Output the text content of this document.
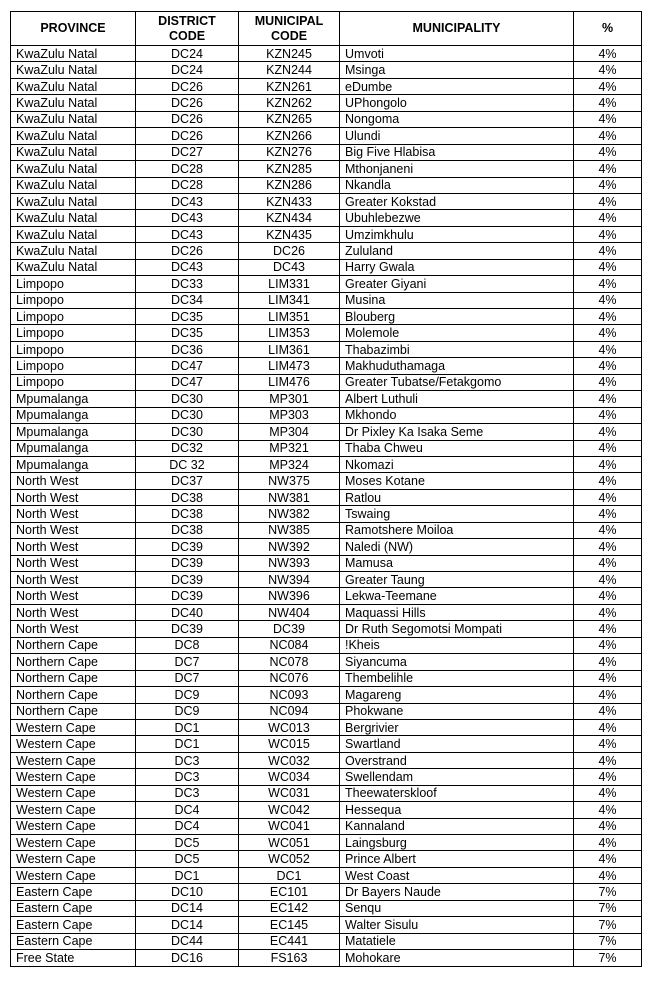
PROVINCE	DISTRICT CODE	MUNICIPAL CODE	MUNICIPALITY	%
KwaZulu Natal	DC24	KZN245	Umvoti	4%
KwaZulu Natal	DC24	KZN244	Msinga	4%
KwaZulu Natal	DC26	KZN261	eDumbe	4%
KwaZulu Natal	DC26	KZN262	UPhongolo	4%
KwaZulu Natal	DC26	KZN265	Nongoma	4%
KwaZulu Natal	DC26	KZN266	Ulundi	4%
KwaZulu Natal	DC27	KZN276	Big Five Hlabisa	4%
KwaZulu Natal	DC28	KZN285	Mthonjaneni	4%
KwaZulu Natal	DC28	KZN286	Nkandla	4%
KwaZulu Natal	DC43	KZN433	Greater Kokstad	4%
KwaZulu Natal	DC43	KZN434	Ubuhlebezwe	4%
KwaZulu Natal	DC43	KZN435	Umzimkhulu	4%
KwaZulu Natal	DC26	DC26	Zululand	4%
KwaZulu Natal	DC43	DC43	Harry Gwala	4%
Limpopo	DC33	LIM331	Greater Giyani	4%
Limpopo	DC34	LIM341	Musina	4%
Limpopo	DC35	LIM351	Blouberg	4%
Limpopo	DC35	LIM353	Molemole	4%
Limpopo	DC36	LIM361	Thabazimbi	4%
Limpopo	DC47	LIM473	Makhuduthamaga	4%
Limpopo	DC47	LIM476	Greater Tubatse/Fetakgomo	4%
Mpumalanga	DC30	MP301	Albert Luthuli	4%
Mpumalanga	DC30	MP303	Mkhondo	4%
Mpumalanga	DC30	MP304	Dr Pixley Ka Isaka Seme	4%
Mpumalanga	DC32	MP321	Thaba Chweu	4%
Mpumalanga	DC 32	MP324	Nkomazi	4%
North West	DC37	NW375	Moses Kotane	4%
North West	DC38	NW381	Ratlou	4%
North West	DC38	NW382	Tswaing	4%
North West	DC38	NW385	Ramotshere Moiloa	4%
North West	DC39	NW392	Naledi (NW)	4%
North West	DC39	NW393	Mamusa	4%
North West	DC39	NW394	Greater Taung	4%
North West	DC39	NW396	Lekwa-Teemane	4%
North West	DC40	NW404	Maquassi Hills	4%
North West	DC39	DC39	Dr Ruth Segomotsi Mompati	4%
Northern Cape	DC8	NC084	!Kheis	4%
Northern Cape	DC7	NC078	Siyancuma	4%
Northern Cape	DC7	NC076	Thembelihle	4%
Northern Cape	DC9	NC093	Magareng	4%
Northern Cape	DC9	NC094	Phokwane	4%
Western Cape	DC1	WC013	Bergrivier	4%
Western Cape	DC1	WC015	Swartland	4%
Western Cape	DC3	WC032	Overstrand	4%
Western Cape	DC3	WC034	Swellendam	4%
Western Cape	DC3	WC031	Theewaterskloof	4%
Western Cape	DC4	WC042	Hessequa	4%
Western Cape	DC4	WC041	Kannaland	4%
Western Cape	DC5	WC051	Laingsburg	4%
Western Cape	DC5	WC052	Prince Albert	4%
Western Cape	DC1	DC1	West Coast	4%
Eastern Cape	DC10	EC101	Dr Bayers Naude	7%
Eastern Cape	DC14	EC142	Senqu	7%
Eastern Cape	DC14	EC145	Walter Sisulu	7%
Eastern Cape	DC44	EC441	Matatiele	7%
Free State	DC16	FS163	Mohokare	7%
